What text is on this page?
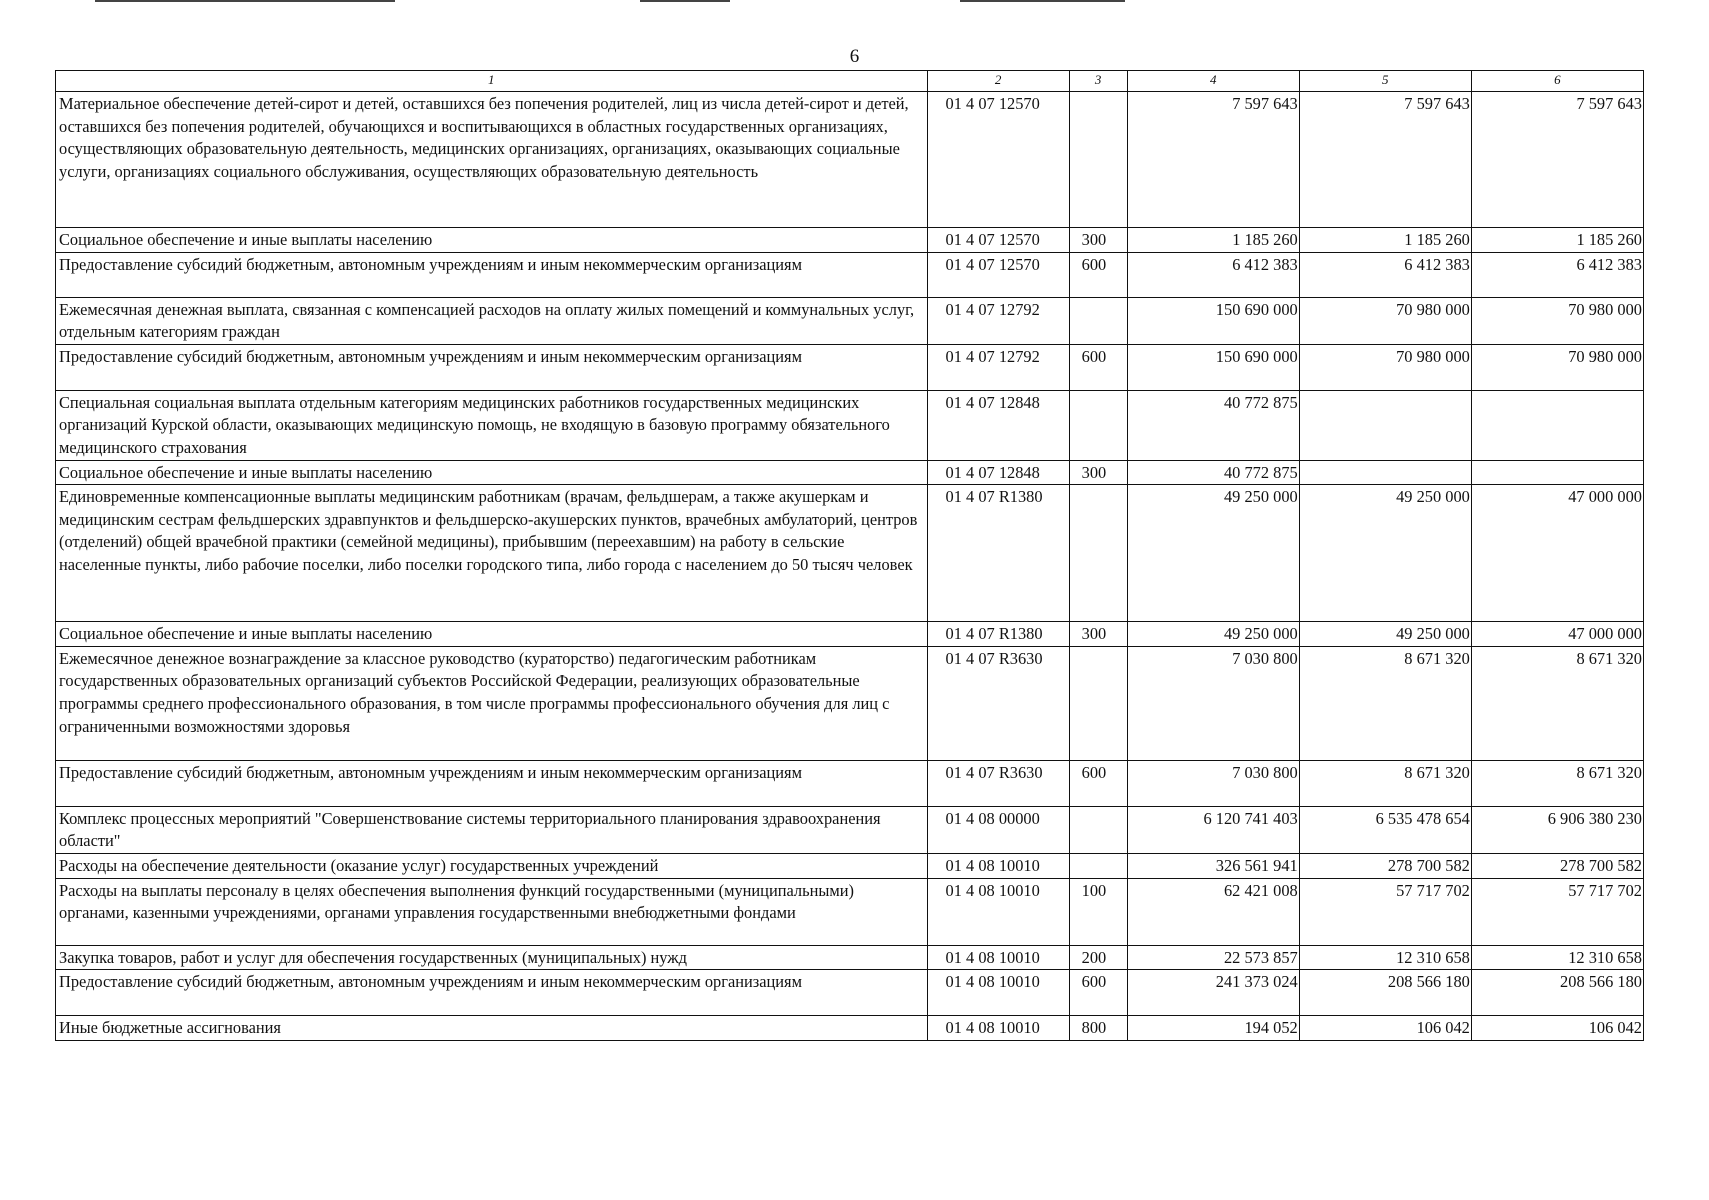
6
1	2	3	4	5	6
Материальное обеспечение детей-сирот и детей, оставшихся без попечения родителей, лиц из числа детей-сирот и детей, оставшихся без попечения родителей, обучающихся и воспитывающихся в областных государственных организациях, осуществляющих образовательную деятельность, медицинских организациях, организациях, оказывающих социальные услуги, организациях социального обслуживания, осуществляющих образовательную деятельность	01 4 07 12570		7 597 643	7 597 643	7 597 643
Социальное обеспечение и иные выплаты населению	01 4 07 12570	300	1 185 260	1 185 260	1 185 260
Предоставление субсидий бюджетным, автономным учреждениям и иным некоммерческим организациям	01 4 07 12570	600	6 412 383	6 412 383	6 412 383
Ежемесячная денежная выплата, связанная с компенсацией расходов на оплату жилых помещений и коммунальных услуг, отдельным категориям граждан	01 4 07 12792		150 690 000	70 980 000	70 980 000
Предоставление субсидий бюджетным, автономным учреждениям и иным некоммерческим организациям	01 4 07 12792	600	150 690 000	70 980 000	70 980 000
Специальная социальная выплата отдельным категориям медицинских работников государственных медицинских организаций Курской области, оказывающих медицинскую помощь, не входящую в базовую программу обязательного медицинского страхования	01 4 07 12848		40 772 875		
Социальное обеспечение и иные выплаты населению	01 4 07 12848	300	40 772 875		
Единовременные компенсационные выплаты медицинским работникам (врачам, фельдшерам, а также акушеркам и медицинским сестрам фельдшерских здравпунктов и фельдшерско-акушерских пунктов, врачебных амбулаторий, центров (отделений) общей врачебной практики (семейной медицины), прибывшим (переехавшим) на работу в сельские населенные пункты, либо рабочие поселки, либо поселки городского типа, либо города с населением до 50 тысяч человек	01 4 07 R1380		49 250 000	49 250 000	47 000 000
Социальное обеспечение и иные выплаты населению	01 4 07 R1380	300	49 250 000	49 250 000	47 000 000
Ежемесячное денежное вознаграждение за классное руководство (кураторство) педагогическим работникам государственных образовательных организаций субъектов Российской Федерации, реализующих образовательные программы среднего профессионального образования, в том числе программы профессионального обучения для лиц с ограниченными возможностями здоровья	01 4 07 R3630		7 030 800	8 671 320	8 671 320
Предоставление субсидий бюджетным, автономным учреждениям и иным некоммерческим организациям	01 4 07 R3630	600	7 030 800	8 671 320	8 671 320
Комплекс процессных мероприятий "Совершенствование системы территориального планирования здравоохранения области"	01 4 08 00000		6 120 741 403	6 535 478 654	6 906 380 230
Расходы на обеспечение деятельности (оказание услуг) государственных учреждений	01 4 08 10010		326 561 941	278 700 582	278 700 582
Расходы на выплаты персоналу в целях обеспечения выполнения функций государственными (муниципальными) органами, казенными учреждениями, органами управления государственными внебюджетными фондами	01 4 08 10010	100	62 421 008	57 717 702	57 717 702
Закупка товаров, работ и услуг для обеспечения государственных (муниципальных) нужд	01 4 08 10010	200	22 573 857	12 310 658	12 310 658
Предоставление субсидий бюджетным, автономным учреждениям и иным некоммерческим организациям	01 4 08 10010	600	241 373 024	208 566 180	208 566 180
Иные бюджетные ассигнования	01 4 08 10010	800	194 052	106 042	106 042
